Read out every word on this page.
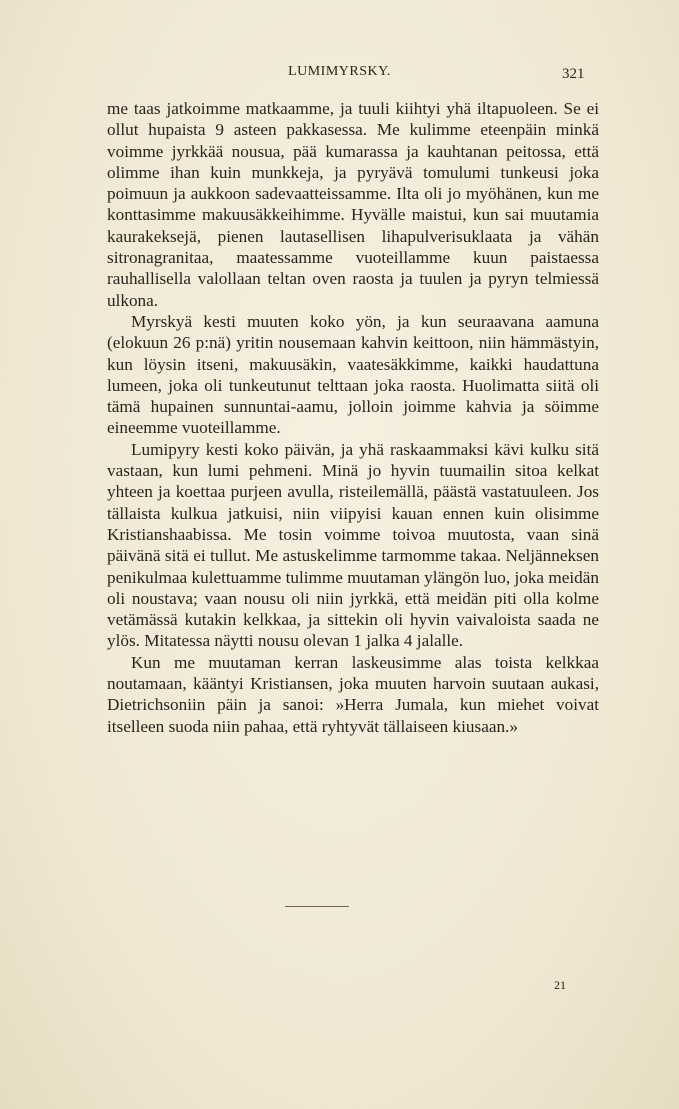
LUMIMYRSKY.	321

me taas jatkoimme matkaamme, ja tuuli kiihtyi yhä iltapuoleen. Se ei ollut hupaista 9 asteen pakkasessa. Me kulimme eteenpäin minkä voimme jyrkkää nousua, pää kumarassa ja kauhtanan peitossa, että olimme ihan kuin munkkeja, ja pyryävä tomulumi tunkeusi joka poimuun ja aukkoon sadevaatteissamme. Ilta oli jo myöhänen, kun me konttasimme makuusäkkeihimme. Hyvälle maistui, kun sai muutamia kaurakeksejä, pienen lautasellisen lihapulverisuklaata ja vähän sitronagranitaa, maatessamme vuoteillamme kuun paistaessa rauhallisella valollaan teltan oven raosta ja tuulen ja pyryn telmiessä ulkona.

Myrskyä kesti muuten koko yön, ja kun seuraavana aamuna (elokuun 26 p:nä) yritin nousemaan kahvin keittoon, niin hämmästyin, kun löysin itseni, makuusäkin, vaatesäkkimme, kaikki haudattuna lumeen, joka oli tunkeutunut telttaan joka raosta. Huolimatta siitä oli tämä hupainen sunnuntai-aamu, jolloin joimme kahvia ja söimme eineemme vuoteillamme.

Lumipyry kesti koko päivän, ja yhä raskaammaksi kävi kulku sitä vastaan, kun lumi pehmeni. Minä jo hyvin tuumailin sitoa kelkat yhteen ja koettaa purjeen avulla, risteilemällä, päästä vastatuuleen. Jos tällaista kulkua jatkuisi, niin viipyisi kauan ennen kuin olisimme Kristianshaabissa. Me tosin voimme toivoa muutosta, vaan sinä päivänä sitä ei tullut. Me astuskelimme tarmomme takaa. Neljänneksen penikulmaa kulettuamme tulimme muutaman ylängön luo, joka meidän oli noustava; vaan nousu oli niin jyrkkä, että meidän piti olla kolme vetämässä kutakin kelkkaa, ja sittekin oli hyvin vaivaloista saada ne ylös. Mitatessa näytti nousu olevan 1 jalka 4 jalalle.

Kun me muutaman kerran laskeusimme alas toista kelkkaa noutamaan, kääntyi Kristiansen, joka muuten harvoin suutaan aukasi, Dietrichsoniin päin ja sanoi: »Herra Jumala, kun miehet voivat itselleen suoda niin pahaa, että ryhtyvät tällaiseen kiusaan.»

21
